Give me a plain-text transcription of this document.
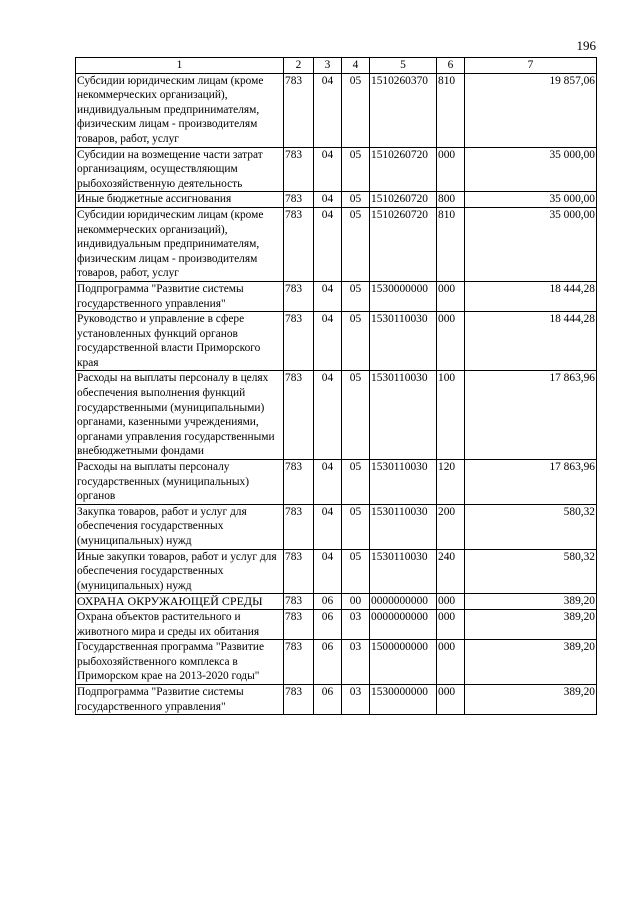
196
1	2	3	4	5	6	7
Субсидии юридическим лицам (кроме некоммерческих организаций), индивидуальным предпринимателям, физическим лицам - производителям товаров, работ, услуг	783	04	05	1510260370	810	19 857,06
Субсидии на возмещение части затрат организациям, осуществляющим рыбохозяйственную деятельность	783	04	05	1510260720	000	35 000,00
Иные бюджетные ассигнования	783	04	05	1510260720	800	35 000,00
Субсидии юридическим лицам (кроме некоммерческих организаций), индивидуальным предпринимателям, физическим лицам - производителям товаров, работ, услуг	783	04	05	1510260720	810	35 000,00
Подпрограмма "Развитие системы государственного управления"	783	04	05	1530000000	000	18 444,28
Руководство и управление в сфере установленных функций органов государственной власти Приморского края	783	04	05	1530110030	000	18 444,28
Расходы на выплаты персоналу в целях обеспечения выполнения функций государственными (муниципальными) органами, казенными учреждениями, органами управления государственными внебюджетными фондами	783	04	05	1530110030	100	17 863,96
Расходы на выплаты персоналу государственных (муниципальных) органов	783	04	05	1530110030	120	17 863,96
Закупка товаров, работ и услуг для обеспечения государственных (муниципальных) нужд	783	04	05	1530110030	200	580,32
Иные закупки товаров, работ и услуг для обеспечения государственных (муниципальных) нужд	783	04	05	1530110030	240	580,32
ОХРАНА ОКРУЖАЮЩЕЙ СРЕДЫ	783	06	00	0000000000	000	389,20
Охрана объектов растительного и животного мира и среды их обитания	783	06	03	0000000000	000	389,20
Государственная программа "Развитие рыбохозяйственного комплекса в Приморском крае на 2013-2020 годы"	783	06	03	1500000000	000	389,20
Подпрограмма "Развитие системы государственного управления"	783	06	03	1530000000	000	389,20
